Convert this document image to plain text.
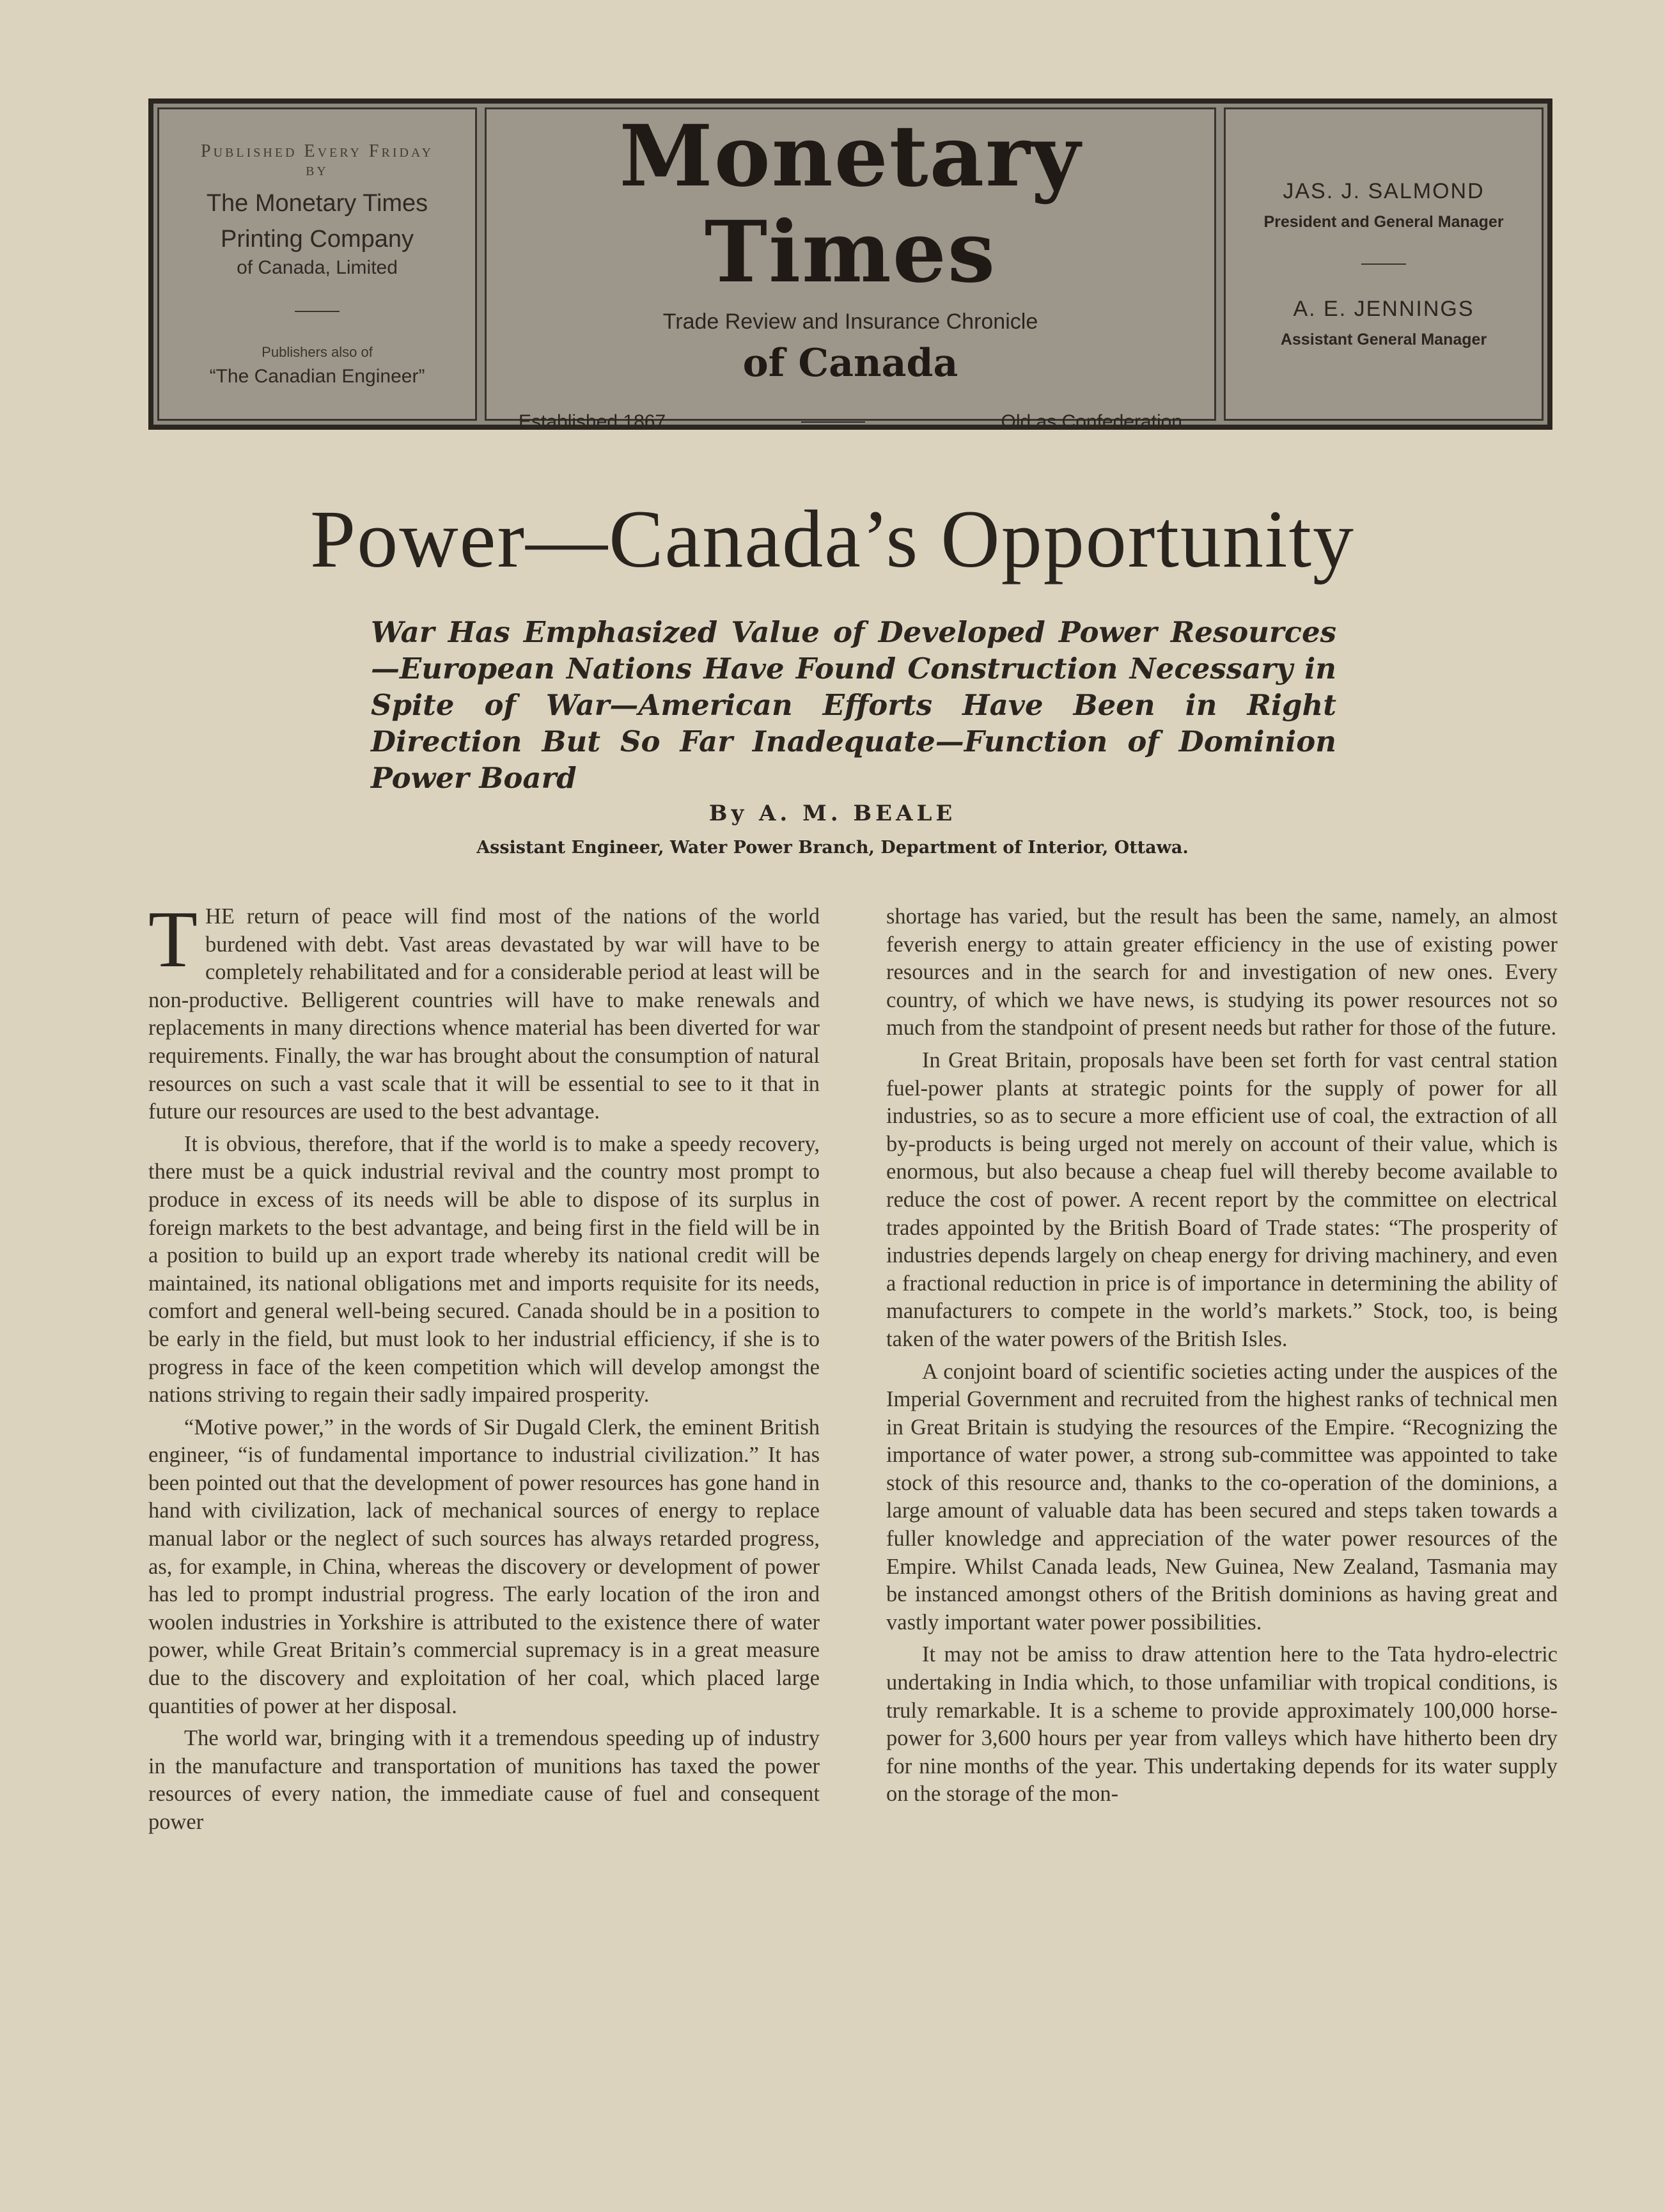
Published Every Friday
BY
The Monetary Times
Printing Company
of Canada, Limited
Publishers also of
“The Canadian Engineer”
Monetary Times
Trade Review and Insurance Chronicle
of Canada
Established 1867	Old as Confederation
JAS. J. SALMOND
President and General Manager
A. E. JENNINGS
Assistant General Manager
Power—Canada’s Opportunity
War Has Emphasized Value of Developed Power Resources —European Nations Have Found Construction Necessary in Spite of War—American Efforts Have Been in Right Direction But So Far Inadequate—Function of Dominion Power Board
By A. M. BEALE
Assistant Engineer, Water Power Branch, Department of Interior, Ottawa.

THE return of peace will find most of the nations of the world burdened with debt. Vast areas devastated by war will have to be completely rehabilitated and for a considerable period at least will be non-productive. Belligerent countries will have to make renewals and replacements in many directions whence material has been diverted for war requirements. Finally, the war has brought about the consumption of natural resources on such a vast scale that it will be essential to see to it that in future our resources are used to the best advantage.

It is obvious, therefore, that if the world is to make a speedy recovery, there must be a quick industrial revival and the country most prompt to produce in excess of its needs will be able to dispose of its surplus in foreign markets to the best advantage, and being first in the field will be in a position to build up an export trade whereby its national credit will be maintained, its national obligations met and imports requisite for its needs, comfort and general well-being secured. Canada should be in a position to be early in the field, but must look to her industrial efficiency, if she is to progress in face of the keen competition which will develop amongst the nations striving to regain their sadly impaired prosperity.

“Motive power,” in the words of Sir Dugald Clerk, the eminent British engineer, “is of fundamental importance to industrial civilization.” It has been pointed out that the development of power resources has gone hand in hand with civilization, lack of mechanical sources of energy to replace manual labor or the neglect of such sources has always retarded progress, as, for example, in China, whereas the discovery or development of power has led to prompt industrial progress. The early location of the iron and woolen industries in Yorkshire is attributed to the existence there of water power, while Great Britain’s commercial supremacy is in a great measure due to the discovery and exploitation of her coal, which placed large quantities of power at her disposal.

The world war, bringing with it a tremendous speeding up of industry in the manufacture and transportation of munitions has taxed the power resources of every nation, the immediate cause of fuel and consequent power

shortage has varied, but the result has been the same, namely, an almost feverish energy to attain greater efficiency in the use of existing power resources and in the search for and investigation of new ones. Every country, of which we have news, is studying its power resources not so much from the standpoint of present needs but rather for those of the future.

In Great Britain, proposals have been set forth for vast central station fuel-power plants at strategic points for the supply of power for all industries, so as to secure a more efficient use of coal, the extraction of all by-products is being urged not merely on account of their value, which is enormous, but also because a cheap fuel will thereby become available to reduce the cost of power. A recent report by the committee on electrical trades appointed by the British Board of Trade states: “The prosperity of industries depends largely on cheap energy for driving machinery, and even a fractional reduction in price is of importance in determining the ability of manufacturers to compete in the world’s markets.” Stock, too, is being taken of the water powers of the British Isles.

A conjoint board of scientific societies acting under the auspices of the Imperial Government and recruited from the highest ranks of technical men in Great Britain is studying the resources of the Empire. “Recognizing the importance of water power, a strong sub-committee was appointed to take stock of this resource and, thanks to the co-operation of the dominions, a large amount of valuable data has been secured and steps taken towards a fuller knowledge and appreciation of the water power resources of the Empire. Whilst Canada leads, New Guinea, New Zealand, Tasmania may be instanced amongst others of the British dominions as having great and vastly important water power possibilities.

It may not be amiss to draw attention here to the Tata hydro-electric undertaking in India which, to those unfamiliar with tropical conditions, is truly remarkable. It is a scheme to provide approximately 100,000 horse-power for 3,600 hours per year from valleys which have hitherto been dry for nine months of the year. This undertaking depends for its water supply on the storage of the mon-
